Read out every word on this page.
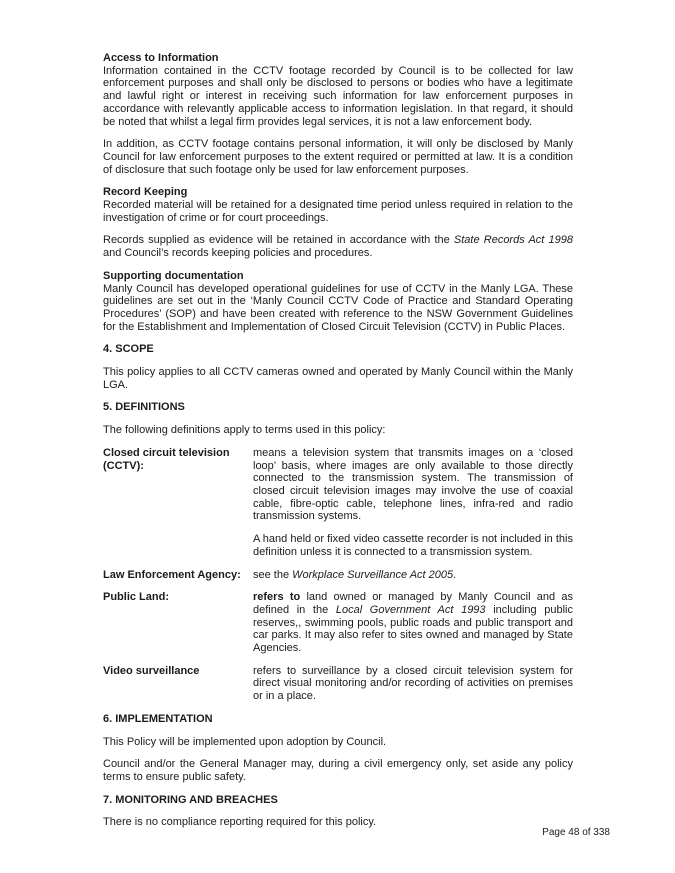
Access to Information
Information contained in the CCTV footage recorded by Council is to be collected for law enforcement purposes and shall only be disclosed to persons or bodies who have a legitimate and lawful right or interest in receiving such information for law enforcement purposes in accordance with relevantly applicable access to information legislation. In that regard, it should be noted that whilst a legal firm provides legal services, it is not a law enforcement body.
In addition, as CCTV footage contains personal information, it will only be disclosed by Manly Council for law enforcement purposes to the extent required or permitted at law. It is a condition of disclosure that such footage only be used for law enforcement purposes.
Record Keeping
Recorded material will be retained for a designated time period unless required in relation to the investigation of crime or for court proceedings.
Records supplied as evidence will be retained in accordance with the State Records Act 1998 and Council’s records keeping policies and procedures.
Supporting documentation
Manly Council has developed operational guidelines for use of CCTV in the Manly LGA. These guidelines are set out in the ‘Manly Council CCTV Code of Practice and Standard Operating Procedures’ (SOP) and have been created with reference to the NSW Government Guidelines for the Establishment and Implementation of Closed Circuit Television (CCTV) in Public Places.
4. SCOPE
This policy applies to all CCTV cameras owned and operated by Manly Council within the Manly LGA.
5. DEFINITIONS
The following definitions apply to terms used in this policy:
Closed circuit television (CCTV):
means a television system that transmits images on a ‘closed loop’ basis, where images are only available to those directly connected to the transmission system. The transmission of closed circuit television images may involve the use of coaxial cable, fibre-optic cable, telephone lines, infra-red and radio transmission systems.
A hand held or fixed video cassette recorder is not included in this definition unless it is connected to a transmission system.
Law Enforcement Agency:	see the Workplace Surveillance Act 2005.
Public Land:	refers to land owned or managed by Manly Council and as defined in the Local Government Act 1993 including public reserves,, swimming pools, public roads and public transport and car parks. It may also refer to sites owned and managed by State Agencies.
Video surveillance	refers to surveillance by a closed circuit television system for direct visual monitoring and/or recording of activities on premises or in a place.
6. IMPLEMENTATION
This Policy will be implemented upon adoption by Council.
Council and/or the General Manager may, during a civil emergency only, set aside any policy terms to ensure public safety.
7. MONITORING AND BREACHES
There is no compliance reporting required for this policy.
Page 48 of 338
